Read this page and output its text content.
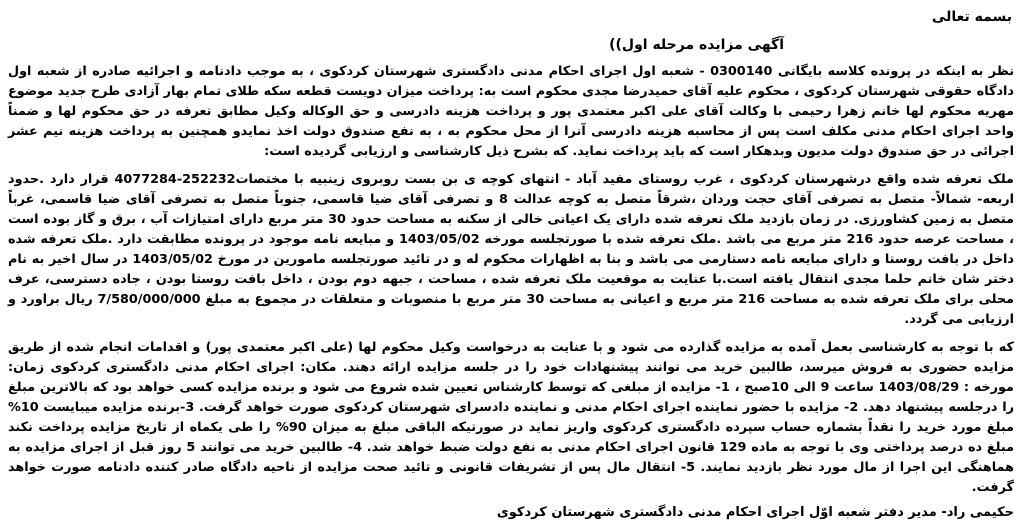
بسمه تعالی
آگهی مزایده مرحله اول))

نظر به اینکه در پرونده کلاسه بایگانی 0300140 - شعبه اول اجرای احکام مدنی دادگستری شهرستان کردکوی ، به موجب دادنامه و اجرائیه صادره از شعبه اول دادگاه حقوقی شهرستان کردکوی ، محکوم علیه آقای حمیدرضا مجدی محکوم است به: پرداخت میزان دویست قطعه سکه طلای تمام بهار آزادی طرح جدید موضوع مهریه محکوم لها خانم زهرا رحیمی با وکالت آقای علی اکبر معتمدی پور و پرداخت هزینه دادرسی و حق الوکاله وکیل مطابق تعرفه در حق محکوم لها و ضمناً واحد اجرای احکام مدنی مکلف است پس از محاسبه هزینه دادرسی آنرا از محل محکوم به ، به نفع صندوق دولت اخذ نمایدو همچنین به پرداخت هزینه نیم عشر اجرائی در حق صندوق دولت مدیون وبدهکار است که باید پرداخت نماید. که بشرح ذیل کارشناسی و ارزیابی گردیده است:

ملک تعرفه شده واقع درشهرستان کردکوی ، غرب روستای مفید آباد - انتهای کوچه ی بن بست روبروی زینبیه با مختصات252232-4077284 قرار دارد .حدود اربعه- شمالاً- متصل به تصرفی آقای حجت وردان ،شرقاً متصل به کوچه عدالت 8 و تصرفی آقای ضیا قاسمی، جنوباً متصل به تصرفی آقای ضیا قاسمی، غرباً متصل به زمین کشاورزی. در زمان بازدید ملک تعرفه شده دارای یک اعیانی خالی از سکنه به مساحت حدود 30 متر مربع دارای امتیازات آب ، برق و گاز بوده است ، مساحت عرصه حدود 216 متر مربع می باشد .ملک تعرفه شده با صورتجلسه مورخه 1403/05/02 و مبایعه نامه موجود در پرونده مطابقت دارد .ملک تعرفه شده داخل در بافت روستا و دارای مبایعه نامه دستارمی می باشد و بنا به اظهارات محکوم له و در تائید صورتجلسه مامورین در مورخ 1403/05/02 در سال اخیر به نام دختر شان خانم حلما مجدی انتقال یافته است.با عنایت به موقعیت ملک تعرفه شده ، مساحت ، جبهه دوم بودن ، داخل بافت روستا بودن ، جاده دسترسی، عرف محلی برای ملک تعرفه شده به مساحت 216 متر مربع و اعیانی به مساحت 30 متر مربع با منصوبات و متعلقات در مجموع به مبلغ 7/580/000/000 ریال براورد و ارزیابی می گردد.

که با توجه به کارشناسی بعمل آمده به مزایده گذارده می شود و با عنایت به درخواست وکیل محکوم لها (علی اکبر معتمدی پور) و اقدامات انجام شده از طریق مزایده حضوری به فروش میرسد، طالبین خرید می توانند پیشنهادات خود را در جلسه مزایده ارائه دهند. مکان: اجرای احکام مدنی دادگستری کردکوی زمان: مورخه : 1403/08/29 ساعت 9 الی 10صبح ، 1- مزایده از مبلغی که توسط کارشناس تعیین شده شروع می شود و برنده مزایده کسی خواهد بود که بالاترین مبلغ را درجلسه پیشنهاد دهد. 2- مزایده با حضور نماینده اجرای احکام مدنی و نماینده دادسرای شهرستان کردکوی صورت خواهد گرفت. 3-برنده مزایده میبایست 10% مبلغ مورد خرید را نقداً بشماره حساب سپرده دادگستری کردکوی واریز نماید در صورتیکه الباقی مبلغ به میزان 90% را طی یکماه از تاریخ مزایده پرداخت نکند مبلغ ده درصد پرداختی وی با توجه به ماده 129 قانون اجرای احکام مدنی به نفع دولت ضبط خواهد شد. 4- طالبین خرید می توانند 5 روز قبل از اجرای مزایده به هماهنگی این اجرا از مال مورد نظر بازدید نمایند. 5- انتقال مال پس از تشریفات قانونی و تائید صحت مزایده از ناحیه دادگاه صادر کننده دادنامه صورت خواهد گرفت.

حکیمی راد- مدیر دفتر شعبه اوّل اجرای احکام مدنی دادگستری شهرستان کردکوی
